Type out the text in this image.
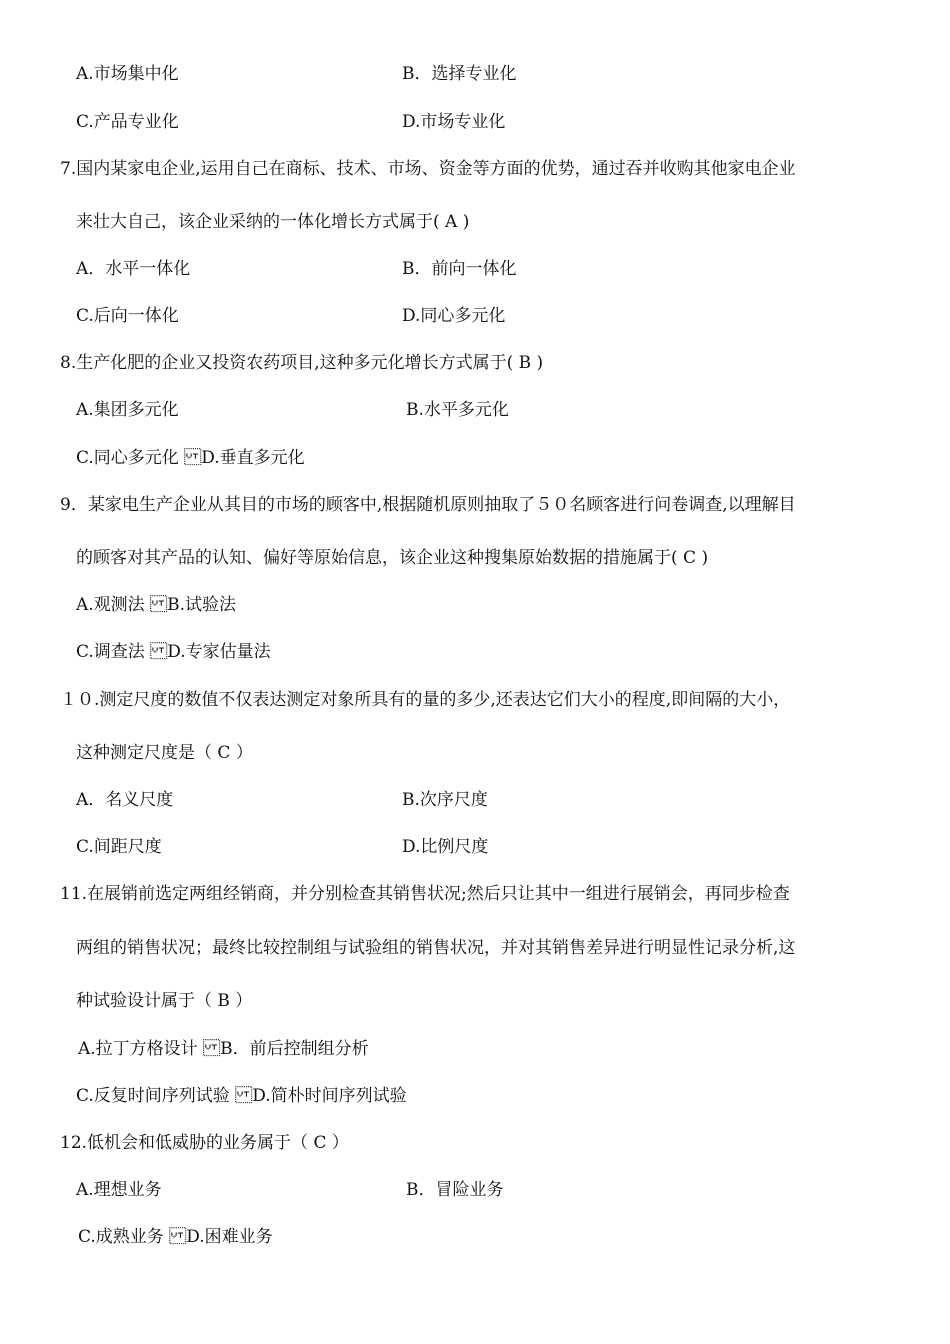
A.市场集中化	B．选择专业化
C.产品专业化	D.市场专业化
7.国内某家电企业,运用自己在商标、技术、市场、资金等方面的优势，通过吞并收购其他家电企业
来壮大自己，该企业采纳的一体化增长方式属于( A )
A．水平一体化	B．前向一体化
C.后向一体化	D.同心多元化
8.生产化肥的企业又投资农药项目,这种多元化增长方式属于( B )
A.集团多元化	B.水平多元化
C.同心多元化 D.垂直多元化
9．某家电生产企业从其目的市场的顾客中,根据随机原则抽取了５０名顾客进行问卷调查,以理解目
的顾客对其产品的认知、偏好等原始信息，该企业这种搜集原始数据的措施属于( C )
A.观测法 B.试验法
C.调查法 D.专家估量法
１０.测定尺度的数值不仅表达测定对象所具有的量的多少,还表达它们大小的程度,即间隔的大小，
这种测定尺度是（ C ）
A．名义尺度	B.次序尺度
C.间距尺度	D.比例尺度
11.在展销前选定两组经销商，并分别检查其销售状况;然后只让其中一组进行展销会，再同步检查
两组的销售状况；最终比较控制组与试验组的销售状况，并对其销售差异进行明显性记录分析,这
种试验设计属于（ B ）
A.拉丁方格设计 B．前后控制组分析
C.反复时间序列试验 D.简朴时间序列试验
12.低机会和低威胁的业务属于（ C ）
A.理想业务	B．冒险业务
C.成熟业务 D.困难业务
